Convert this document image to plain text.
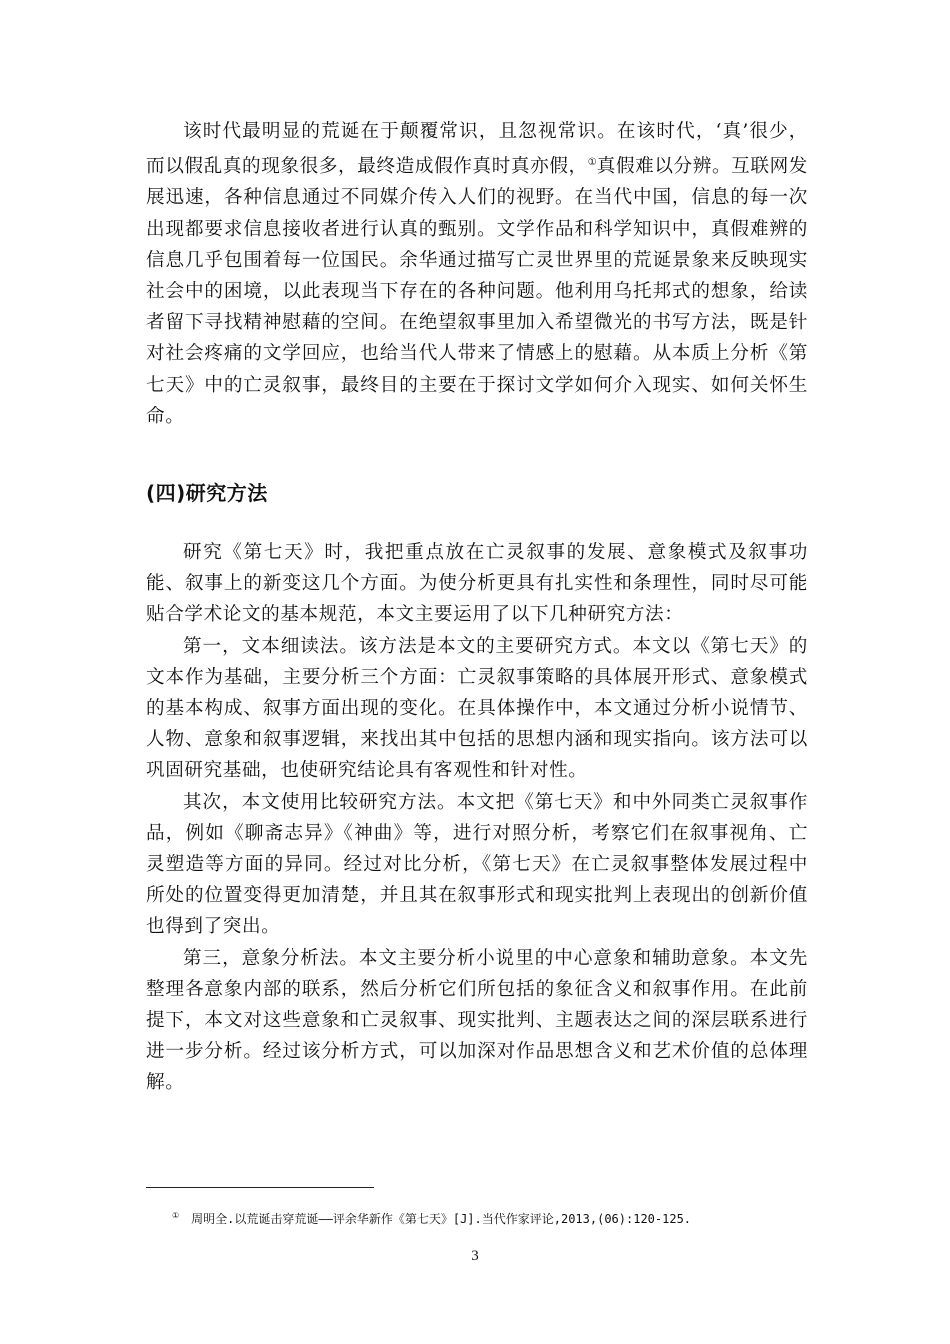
该时代最明显的荒诞在于颠覆常识，且忽视常识。在该时代，‘真’很少，而以假乱真的现象很多，最终造成假作真时真亦假，①真假难以分辨。互联网发展迅速，各种信息通过不同媒介传入人们的视野。在当代中国，信息的每一次出现都要求信息接收者进行认真的甄别。文学作品和科学知识中，真假难辨的信息几乎包围着每一位国民。余华通过描写亡灵世界里的荒诞景象来反映现实社会中的困境，以此表现当下存在的各种问题。他利用乌托邦式的想象，给读者留下寻找精神慰藉的空间。在绝望叙事里加入希望微光的书写方法，既是针对社会疼痛的文学回应，也给当代人带来了情感上的慰藉。从本质上分析《第七天》中的亡灵叙事，最终目的主要在于探讨文学如何介入现实、如何关怀生命。

(四)研究方法

研究《第七天》时，我把重点放在亡灵叙事的发展、意象模式及叙事功能、叙事上的新变这几个方面。为使分析更具有扎实性和条理性，同时尽可能贴合学术论文的基本规范，本文主要运用了以下几种研究方法：

第一，文本细读法。该方法是本文的主要研究方式。本文以《第七天》的文本作为基础，主要分析三个方面：亡灵叙事策略的具体展开形式、意象模式的基本构成、叙事方面出现的变化。在具体操作中，本文通过分析小说情节、人物、意象和叙事逻辑，来找出其中包括的思想内涵和现实指向。该方法可以巩固研究基础，也使研究结论具有客观性和针对性。

其次，本文使用比较研究方法。本文把《第七天》和中外同类亡灵叙事作品，例如《聊斋志异》《神曲》等，进行对照分析，考察它们在叙事视角、亡灵塑造等方面的异同。经过对比分析，《第七天》在亡灵叙事整体发展过程中所处的位置变得更加清楚，并且其在叙事形式和现实批判上表现出的创新价值也得到了突出。

第三，意象分析法。本文主要分析小说里的中心意象和辅助意象。本文先整理各意象内部的联系，然后分析它们所包括的象征含义和叙事作用。在此前提下，本文对这些意象和亡灵叙事、现实批判、主题表达之间的深层联系进行进一步分析。经过该分析方式，可以加深对作品思想含义和艺术价值的总体理解。

① 周明全.以荒诞击穿荒诞——评余华新作《第七天》[J].当代作家评论,2013,(06):120-125.

3
